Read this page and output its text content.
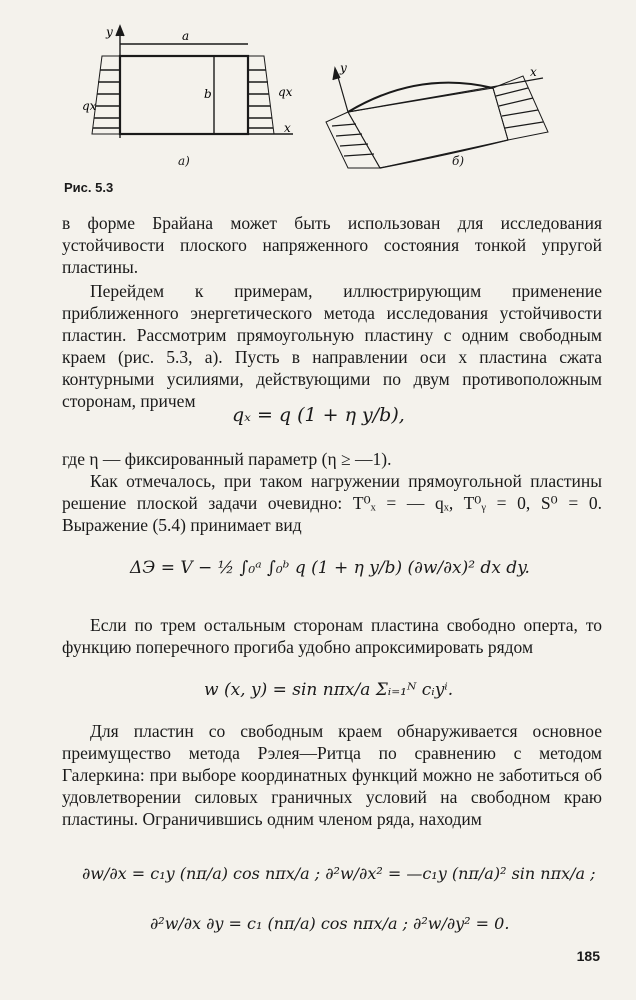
y	a
b
qx
qx
x
а)
y	x
б)
Рис. 5.3
в форме Брайана может быть использован для исследования устойчивости плоского напряженного состояния тонкой упругой пластины.
Перейдем к примерам, иллюстрирующим применение приближенного энергетического метода исследования устойчивости пластин. Рассмотрим прямоугольную пластину с одним свободным краем (рис. 5.3, а). Пусть в направлении оси x пластина сжата контурными усилиями, действующими по двум противоположным сторонам, причем
qₓ = q (1 + η y/b),
где η — фиксированный параметр (η ≥ —1).
Как отмечалось, при таком нагружении прямоугольной пластины решение плоской задачи очевидно: T⁰ₓ = — qₓ, T⁰ᵧ = 0, S⁰ = 0. Выражение (5.4) принимает вид
ΔЭ = V − ½ ∫₀ᵃ ∫₀ᵇ q (1 + η y/b) (∂w/∂x)² dx dy.
Если по трем остальным сторонам пластина свободно оперта, то функцию поперечного прогиба удобно апроксимировать рядом
w (x, y) = sin nπx/a Σᵢ₌₁ᴺ cᵢyⁱ.
Для пластин со свободным краем обнаруживается основное преимущество метода Рэлея—Ритца по сравнению с методом Галеркина: при выборе координатных функций можно не заботиться об удовлетворении силовых граничных условий на свободном краю пластины. Ограничившись одним членом ряда, находим
∂w/∂x = c₁y (nπ/a) cos nπx/a ; ∂²w/∂x² = —c₁y (nπ/a)² sin nπx/a ;
∂²w/∂x ∂y = c₁ (nπ/a) cos nπx/a ; ∂²w/∂y² = 0.
185
